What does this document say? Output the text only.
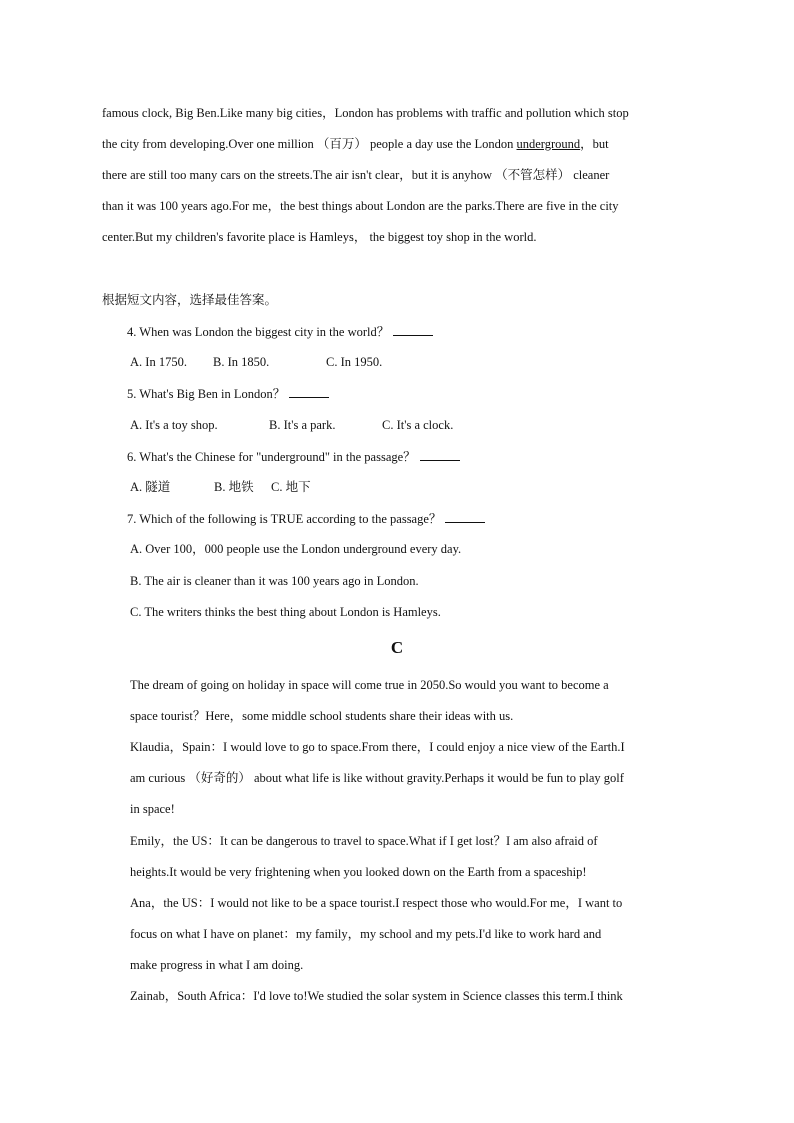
famous clock, Big Ben.Like many big cities，London has problems with traffic and pollution which stop
the city from developing.Over one million （百万） people a day use the London underground，but
there are still too many cars on the streets.The air isn't clear，but it is anyhow （不管怎样） cleaner
than it was 100 years ago.For me，the best things about London are the parks.There are five in the city
center.But my children's favorite place is Hamleys， the biggest toy shop in the world.
根据短文内容，选择最佳答案。
4. When was London the biggest city in the world？
A. In 1750. B. In 1850.	C. In 1950.
5. What's Big Ben in London？
A. It's a toy shop.	B. It's a park.	C. It's a clock.
6. What's the Chinese for "underground" in the passage？
A. 隧道	B. 地铁 C. 地下
7. Which of the following is TRUE according to the passage？
A. Over 100，000 people use the London underground every day.
B. The air is cleaner than it was 100 years ago in London.
C. The writers thinks the best thing about London is Hamleys.
C
The dream of going on holiday in space will come true in 2050.So would you want to become a
space tourist？Here，some middle school students share their ideas with us.
Klaudia，Spain：I would love to go to space.From there，I could enjoy a nice view of the Earth.I
am curious （好奇的） about what life is like without gravity.Perhaps it would be fun to play golf
in space!
Emily，the US：It can be dangerous to travel to space.What if I get lost？I am also afraid of
heights.It would be very frightening when you looked down on the Earth from a spaceship!
Ana，the US：I would not like to be a space tourist.I respect those who would.For me，I want to
focus on what I have on planet：my family，my school and my pets.I'd like to work hard and
make progress in what I am doing.
Zainab，South Africa：I'd love to!We studied the solar system in Science classes this term.I think
